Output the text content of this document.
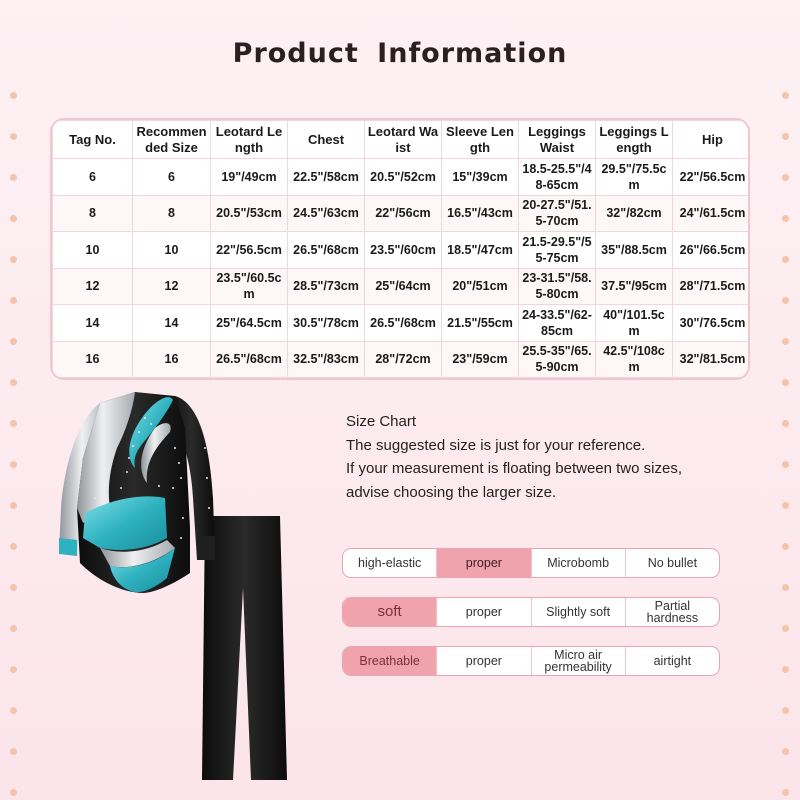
Product Information
Tag No.	Recommended Size	Leotard Length	Chest	Leotard Waist	Sleeve Length	Leggings Waist	Leggings Length	Hip
6	6	19"/49cm	22.5"/58cm	20.5"/52cm	15"/39cm	18.5-25.5"/48-65cm	29.5"/75.5cm	22"/56.5cm
8	8	20.5"/53cm	24.5"/63cm	22"/56cm	16.5"/43cm	20-27.5"/51.5-70cm	32"/82cm	24"/61.5cm
10	10	22"/56.5cm	26.5"/68cm	23.5"/60cm	18.5"/47cm	21.5-29.5"/55-75cm	35"/88.5cm	26"/66.5cm
12	12	23.5"/60.5cm	28.5"/73cm	25"/64cm	20"/51cm	23-31.5"/58.5-80cm	37.5"/95cm	28"/71.5cm
14	14	25"/64.5cm	30.5"/78cm	26.5"/68cm	21.5"/55cm	24-33.5"/62-85cm	40"/101.5cm	30"/76.5cm
16	16	26.5"/68cm	32.5"/83cm	28"/72cm	23"/59cm	25.5-35"/65.5-90cm	42.5"/108cm	32"/81.5cm

Size Chart

The suggested size is just for your reference.

If your measurement is floating between two sizes,

advise choosing the larger size.

high-elastic	proper	Microbomb	No bullet
soft	proper	Slightly soft	Partial hardness
Breathable	proper	Micro air permeability	airtight
